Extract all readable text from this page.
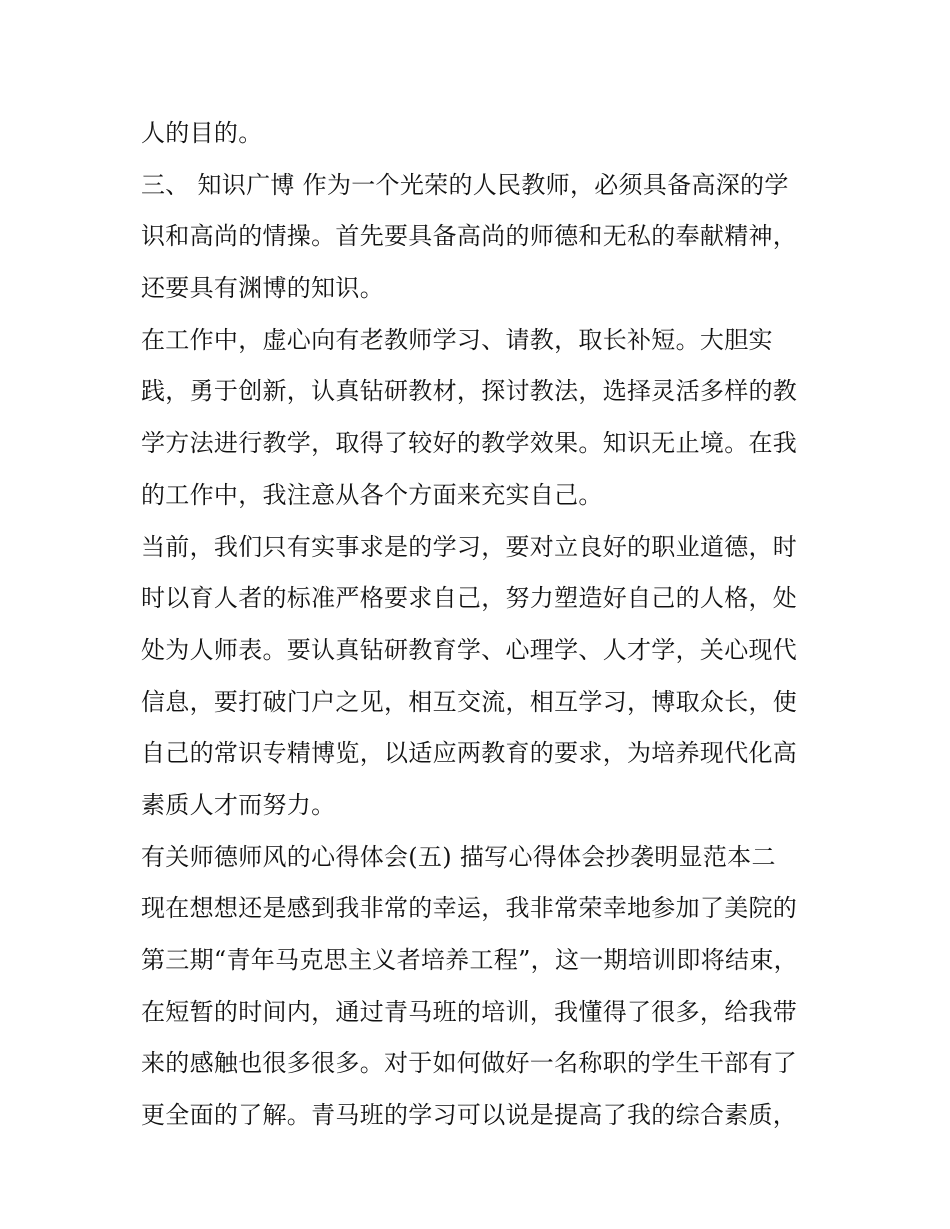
人的目的。
三、 知识广博 作为一个光荣的人民教师，必须具备高深的学
识和高尚的情操。首先要具备高尚的师德和无私的奉献精神，
还要具有渊博的知识。
在工作中，虚心向有老教师学习、请教，取长补短。大胆实
践，勇于创新，认真钻研教材，探讨教法，选择灵活多样的教
学方法进行教学，取得了较好的教学效果。知识无止境。在我
的工作中，我注意从各个方面来充实自己。
当前，我们只有实事求是的学习，要对立良好的职业道德，时
时以育人者的标准严格要求自己，努力塑造好自己的人格，处
处为人师表。要认真钻研教育学、心理学、人才学，关心现代
信息，要打破门户之见，相互交流，相互学习，博取众长，使
自己的常识专精博览，以适应两教育的要求，为培养现代化高
素质人才而努力。
有关师德师风的心得体会(五) 描写心得体会抄袭明显范本二
现在想想还是感到我非常的幸运，我非常荣幸地参加了美院的
第三期“青年马克思主义者培养工程”，这一期培训即将结束，
在短暂的时间内，通过青马班的培训，我懂得了很多，给我带
来的感触也很多很多。对于如何做好一名称职的学生干部有了
更全面的了解。青马班的学习可以说是提高了我的综合素质，
